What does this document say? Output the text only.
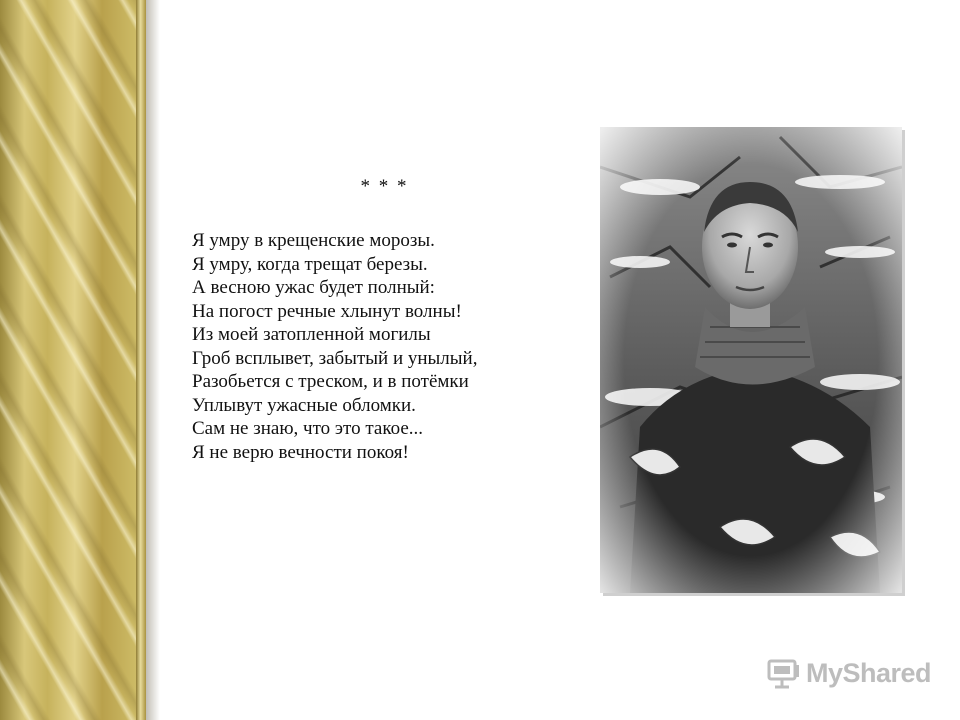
* * *
Я умру в крещенские морозы.
Я умру, когда трещат березы.
А весною ужас будет полный:
На погост речные хлынут волны!
Из моей затопленной могилы
Гроб всплывет, забытый и унылый,
Разобьется с треском, и в потёмки
Уплывут ужасные обломки.
Сам не знаю, что это такое...
Я не верю вечности покоя!
MyShared
